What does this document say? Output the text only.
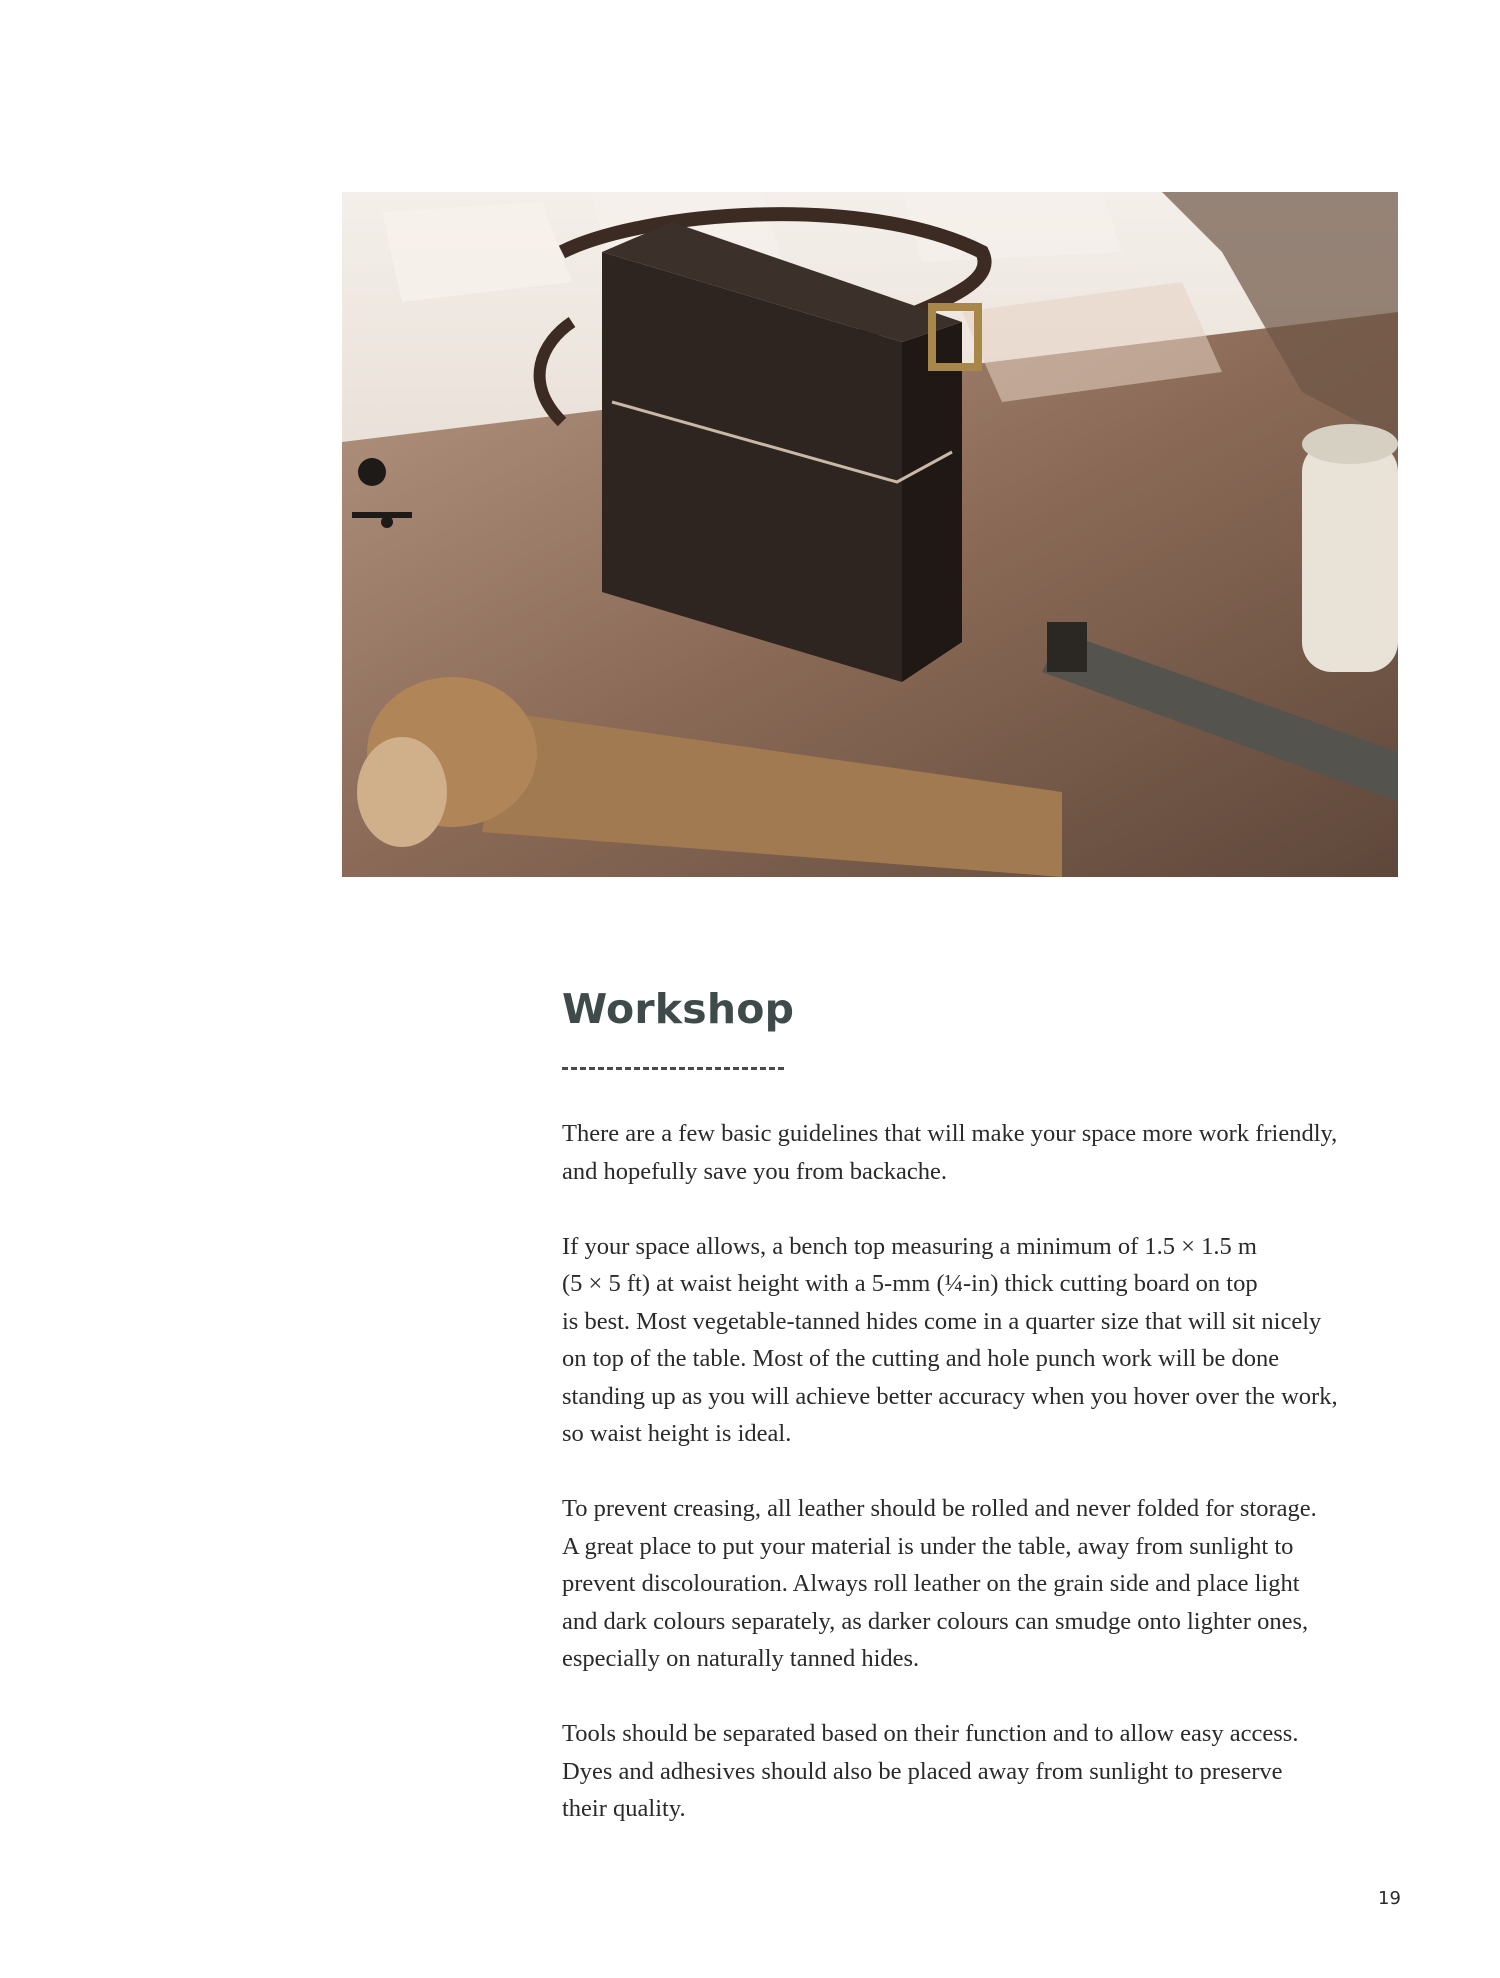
Workshop

There are a few basic guidelines that will make your space more work friendly,
and hopefully save you from backache.

If your space allows, a bench top measuring a minimum of 1.5 × 1.5 m
(5 × 5 ft) at waist height with a 5-mm (¼-in) thick cutting board on top
is best. Most vegetable-tanned hides come in a quarter size that will sit nicely
on top of the table. Most of the cutting and hole punch work will be done
standing up as you will achieve better accuracy when you hover over the work,
so waist height is ideal.

To prevent creasing, all leather should be rolled and never folded for storage.
A great place to put your material is under the table, away from sunlight to
prevent discolouration. Always roll leather on the grain side and place light
and dark colours separately, as darker colours can smudge onto lighter ones,
especially on naturally tanned hides.

Tools should be separated based on their function and to allow easy access.
Dyes and adhesives should also be placed away from sunlight to preserve
their quality.

19
